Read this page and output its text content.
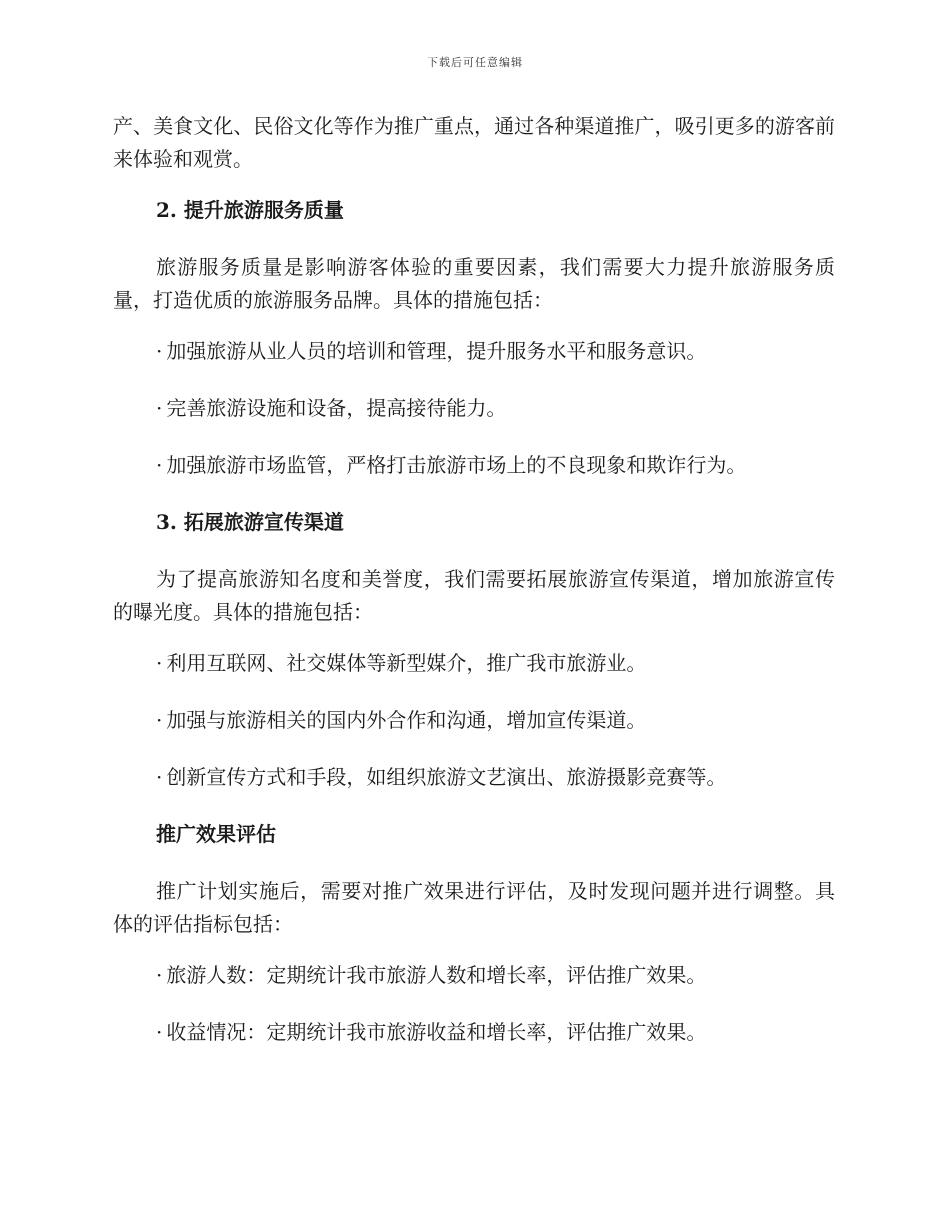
下载后可任意编辑

产、美食文化、民俗文化等作为推广重点，通过各种渠道推广，吸引更多的游客前来体验和观赏。

2. 提升旅游服务质量

旅游服务质量是影响游客体验的重要因素，我们需要大力提升旅游服务质量，打造优质的旅游服务品牌。具体的措施包括：

· 加强旅游从业人员的培训和管理，提升服务水平和服务意识。
· 完善旅游设施和设备，提高接待能力。
· 加强旅游市场监管，严格打击旅游市场上的不良现象和欺诈行为。
3. 拓展旅游宣传渠道

为了提高旅游知名度和美誉度，我们需要拓展旅游宣传渠道，增加旅游宣传的曝光度。具体的措施包括：

· 利用互联网、社交媒体等新型媒介，推广我市旅游业。
· 加强与旅游相关的国内外合作和沟通，增加宣传渠道。
· 创新宣传方式和手段，如组织旅游文艺演出、旅游摄影竞赛等。
推广效果评估

推广计划实施后，需要对推广效果进行评估，及时发现问题并进行调整。具体的评估指标包括：

· 旅游人数：定期统计我市旅游人数和增长率，评估推广效果。
· 收益情况：定期统计我市旅游收益和增长率，评估推广效果。
